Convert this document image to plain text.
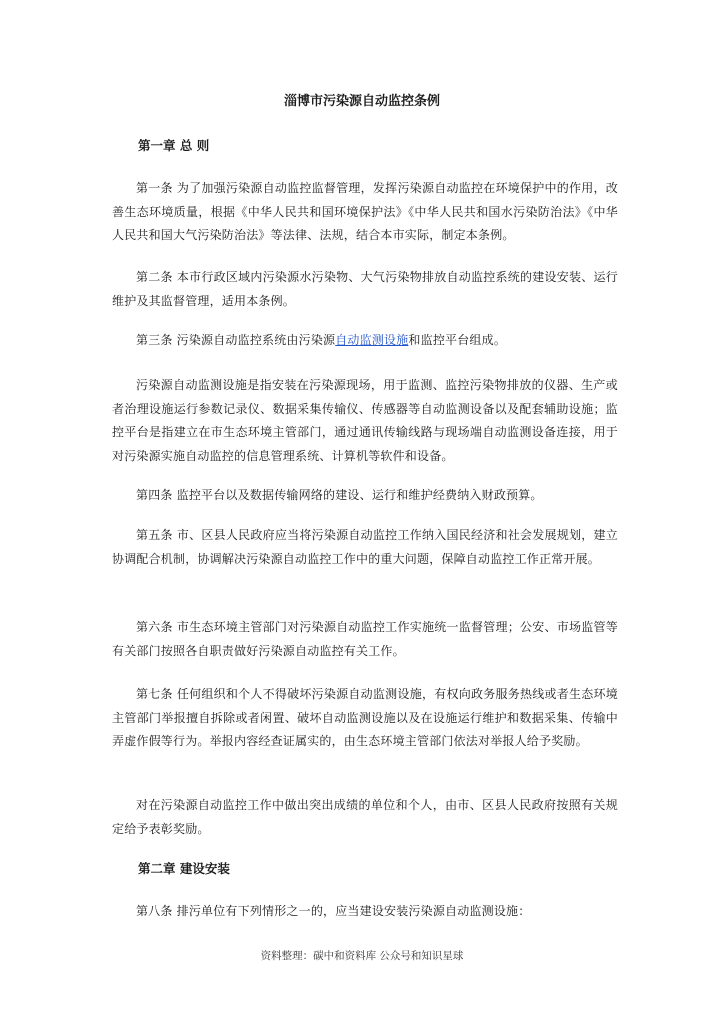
淄博市污染源自动监控条例
第一章 总 则

第一条 为了加强污染源自动监控监督管理，发挥污染源自动监控在环境保护中的作用，改善生态环境质量，根据《中华人民共和国环境保护法》《中华人民共和国水污染防治法》《中华人民共和国大气污染防治法》等法律、法规，结合本市实际，制定本条例。

第二条 本市行政区域内污染源水污染物、大气污染物排放自动监控系统的建设安装、运行维护及其监督管理，适用本条例。

第三条 污染源自动监控系统由污染源自动监测设施和监控平台组成。

污染源自动监测设施是指安装在污染源现场，用于监测、监控污染物排放的仪器、生产或者治理设施运行参数记录仪、数据采集传输仪、传感器等自动监测设备以及配套辅助设施；监控平台是指建立在市生态环境主管部门，通过通讯传输线路与现场端自动监测设备连接，用于对污染源实施自动监控的信息管理系统、计算机等软件和设备。

第四条 监控平台以及数据传输网络的建设、运行和维护经费纳入财政预算。

第五条 市、区县人民政府应当将污染源自动监控工作纳入国民经济和社会发展规划，建立协调配合机制，协调解决污染源自动监控工作中的重大问题，保障自动监控工作正常开展。

第六条 市生态环境主管部门对污染源自动监控工作实施统一监督管理；公安、市场监管等有关部门按照各自职责做好污染源自动监控有关工作。

第七条 任何组织和个人不得破坏污染源自动监测设施，有权向政务服务热线或者生态环境主管部门举报擅自拆除或者闲置、破坏自动监测设施以及在设施运行维护和数据采集、传输中弄虚作假等行为。举报内容经查证属实的，由生态环境主管部门依法对举报人给予奖励。

对在污染源自动监控工作中做出突出成绩的单位和个人，由市、区县人民政府按照有关规定给予表彰奖励。

第二章 建设安装

第八条 排污单位有下列情形之一的，应当建设安装污染源自动监测设施：

资料整理：碳中和资料库 公众号和知识星球
